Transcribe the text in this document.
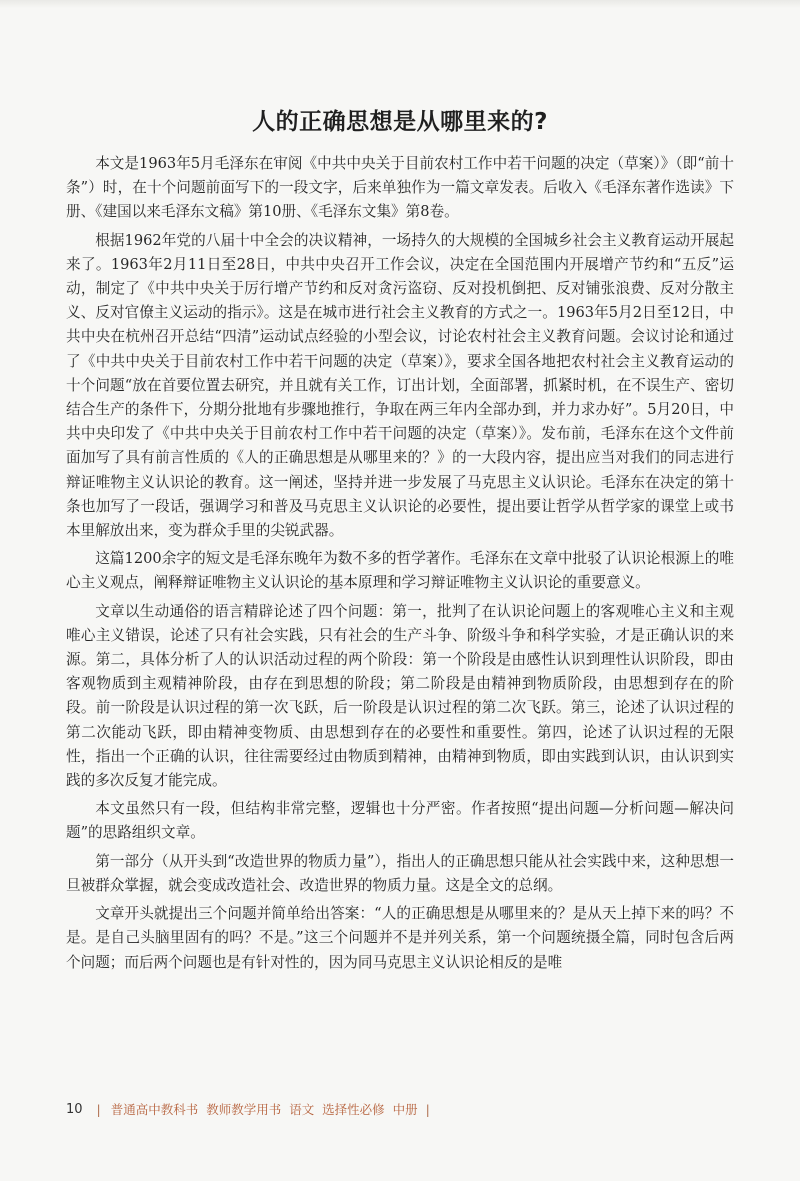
人的正确思想是从哪里来的?

本文是1963年5月毛泽东在审阅《中共中央关于目前农村工作中若干问题的决定（草案）》（即“前十条”）时，在十个问题前面写下的一段文字，后来单独作为一篇文章发表。后收入《毛泽东著作选读》下册、《建国以来毛泽东文稿》第10册、《毛泽东文集》第8卷。

根据1962年党的八届十中全会的决议精神，一场持久的大规模的全国城乡社会主义教育运动开展起来了。1963年2月11日至28日，中共中央召开工作会议，决定在全国范围内开展增产节约和“五反”运动，制定了《中共中央关于厉行增产节约和反对贪污盗窃、反对投机倒把、反对铺张浪费、反对分散主义、反对官僚主义运动的指示》。这是在城市进行社会主义教育的方式之一。1963年5月2日至12日，中共中央在杭州召开总结“四清”运动试点经验的小型会议，讨论农村社会主义教育问题。会议讨论和通过了《中共中央关于目前农村工作中若干问题的决定（草案）》，要求全国各地把农村社会主义教育运动的十个问题“放在首要位置去研究，并且就有关工作，订出计划，全面部署，抓紧时机，在不误生产、密切结合生产的条件下，分期分批地有步骤地推行，争取在两三年内全部办到，并力求办好”。5月20日，中共中央印发了《中共中央关于目前农村工作中若干问题的决定（草案）》。发布前，毛泽东在这个文件前面加写了具有前言性质的《人的正确思想是从哪里来的？》的一大段内容，提出应当对我们的同志进行辩证唯物主义认识论的教育。这一阐述，坚持并进一步发展了马克思主义认识论。毛泽东在决定的第十条也加写了一段话，强调学习和普及马克思主义认识论的必要性，提出要让哲学从哲学家的课堂上或书本里解放出来，变为群众手里的尖锐武器。

这篇1200余字的短文是毛泽东晚年为数不多的哲学著作。毛泽东在文章中批驳了认识论根源上的唯心主义观点，阐释辩证唯物主义认识论的基本原理和学习辩证唯物主义认识论的重要意义。

文章以生动通俗的语言精辟论述了四个问题：第一，批判了在认识论问题上的客观唯心主义和主观唯心主义错误，论述了只有社会实践，只有社会的生产斗争、阶级斗争和科学实验，才是正确认识的来源。第二，具体分析了人的认识活动过程的两个阶段：第一个阶段是由感性认识到理性认识阶段，即由客观物质到主观精神阶段，由存在到思想的阶段；第二阶段是由精神到物质阶段，由思想到存在的阶段。前一阶段是认识过程的第一次飞跃，后一阶段是认识过程的第二次飞跃。第三，论述了认识过程的第二次能动飞跃，即由精神变物质、由思想到存在的必要性和重要性。第四，论述了认识过程的无限性，指出一个正确的认识，往往需要经过由物质到精神，由精神到物质，即由实践到认识，由认识到实践的多次反复才能完成。

本文虽然只有一段，但结构非常完整，逻辑也十分严密。作者按照“提出问题—分析问题—解决问题”的思路组织文章。

第一部分（从开头到“改造世界的物质力量”），指出人的正确思想只能从社会实践中来，这种思想一旦被群众掌握，就会变成改造社会、改造世界的物质力量。这是全文的总纲。

文章开头就提出三个问题并简单给出答案：“人的正确思想是从哪里来的？是从天上掉下来的吗？不是。是自己头脑里固有的吗？不是。”这三个问题并不是并列关系，第一个问题统摄全篇，同时包含后两个问题；而后两个问题也是有针对性的，因为同马克思主义认识论相反的是唯

10 | 普通高中教科书
教师教学用书
语文
选择性必修
中册 |
